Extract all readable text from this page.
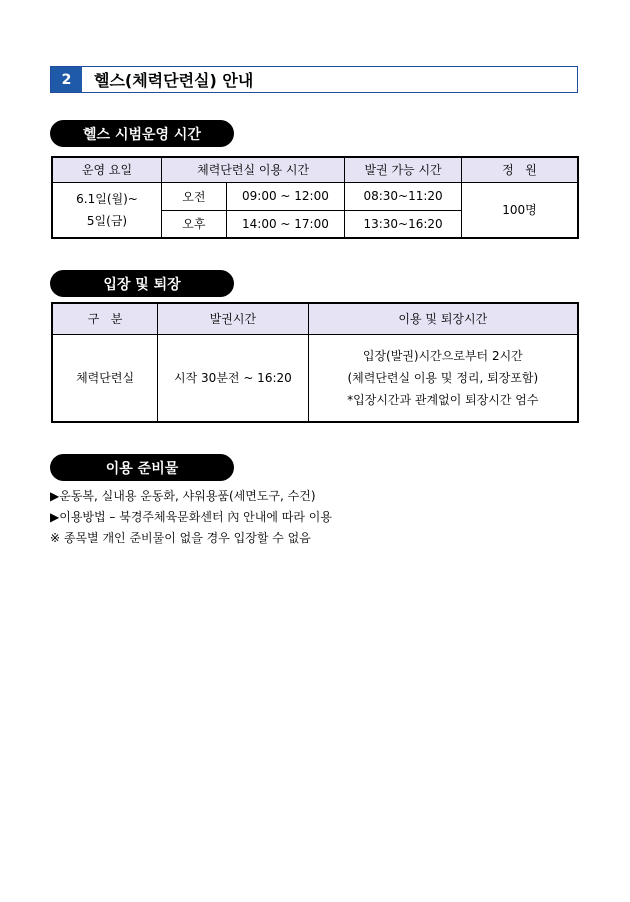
2	헬스(체력단련실) 안내
헬스 시범운영 시간
운영 요일	체력단련실 이용 시간		발권 가능 시간	정   원

6.1일(월)~
5일(금)	오전	09:00 ~ 12:00	08:30~11:20	100명
	오후	14:00 ~ 17:00	13:30~16:20	
입장 및 퇴장
구   분	발권시간	이용 및 퇴장시간
체력단련실	시작 30분전 ~ 16:20	입장(발권)시간으로부터 2시간
(체력단련실 이용 및 정리, 퇴장포함)
*입장시간과 관계없이 퇴장시간 엄수
이용 준비물
▶운동복, 실내용 운동화, 샤워용품(세면도구, 수건)
▶이용방법 – 북경주체육문화센터 內 안내에 따라 이용
※ 종목별 개인 준비물이 없을 경우 입장할 수 없음
